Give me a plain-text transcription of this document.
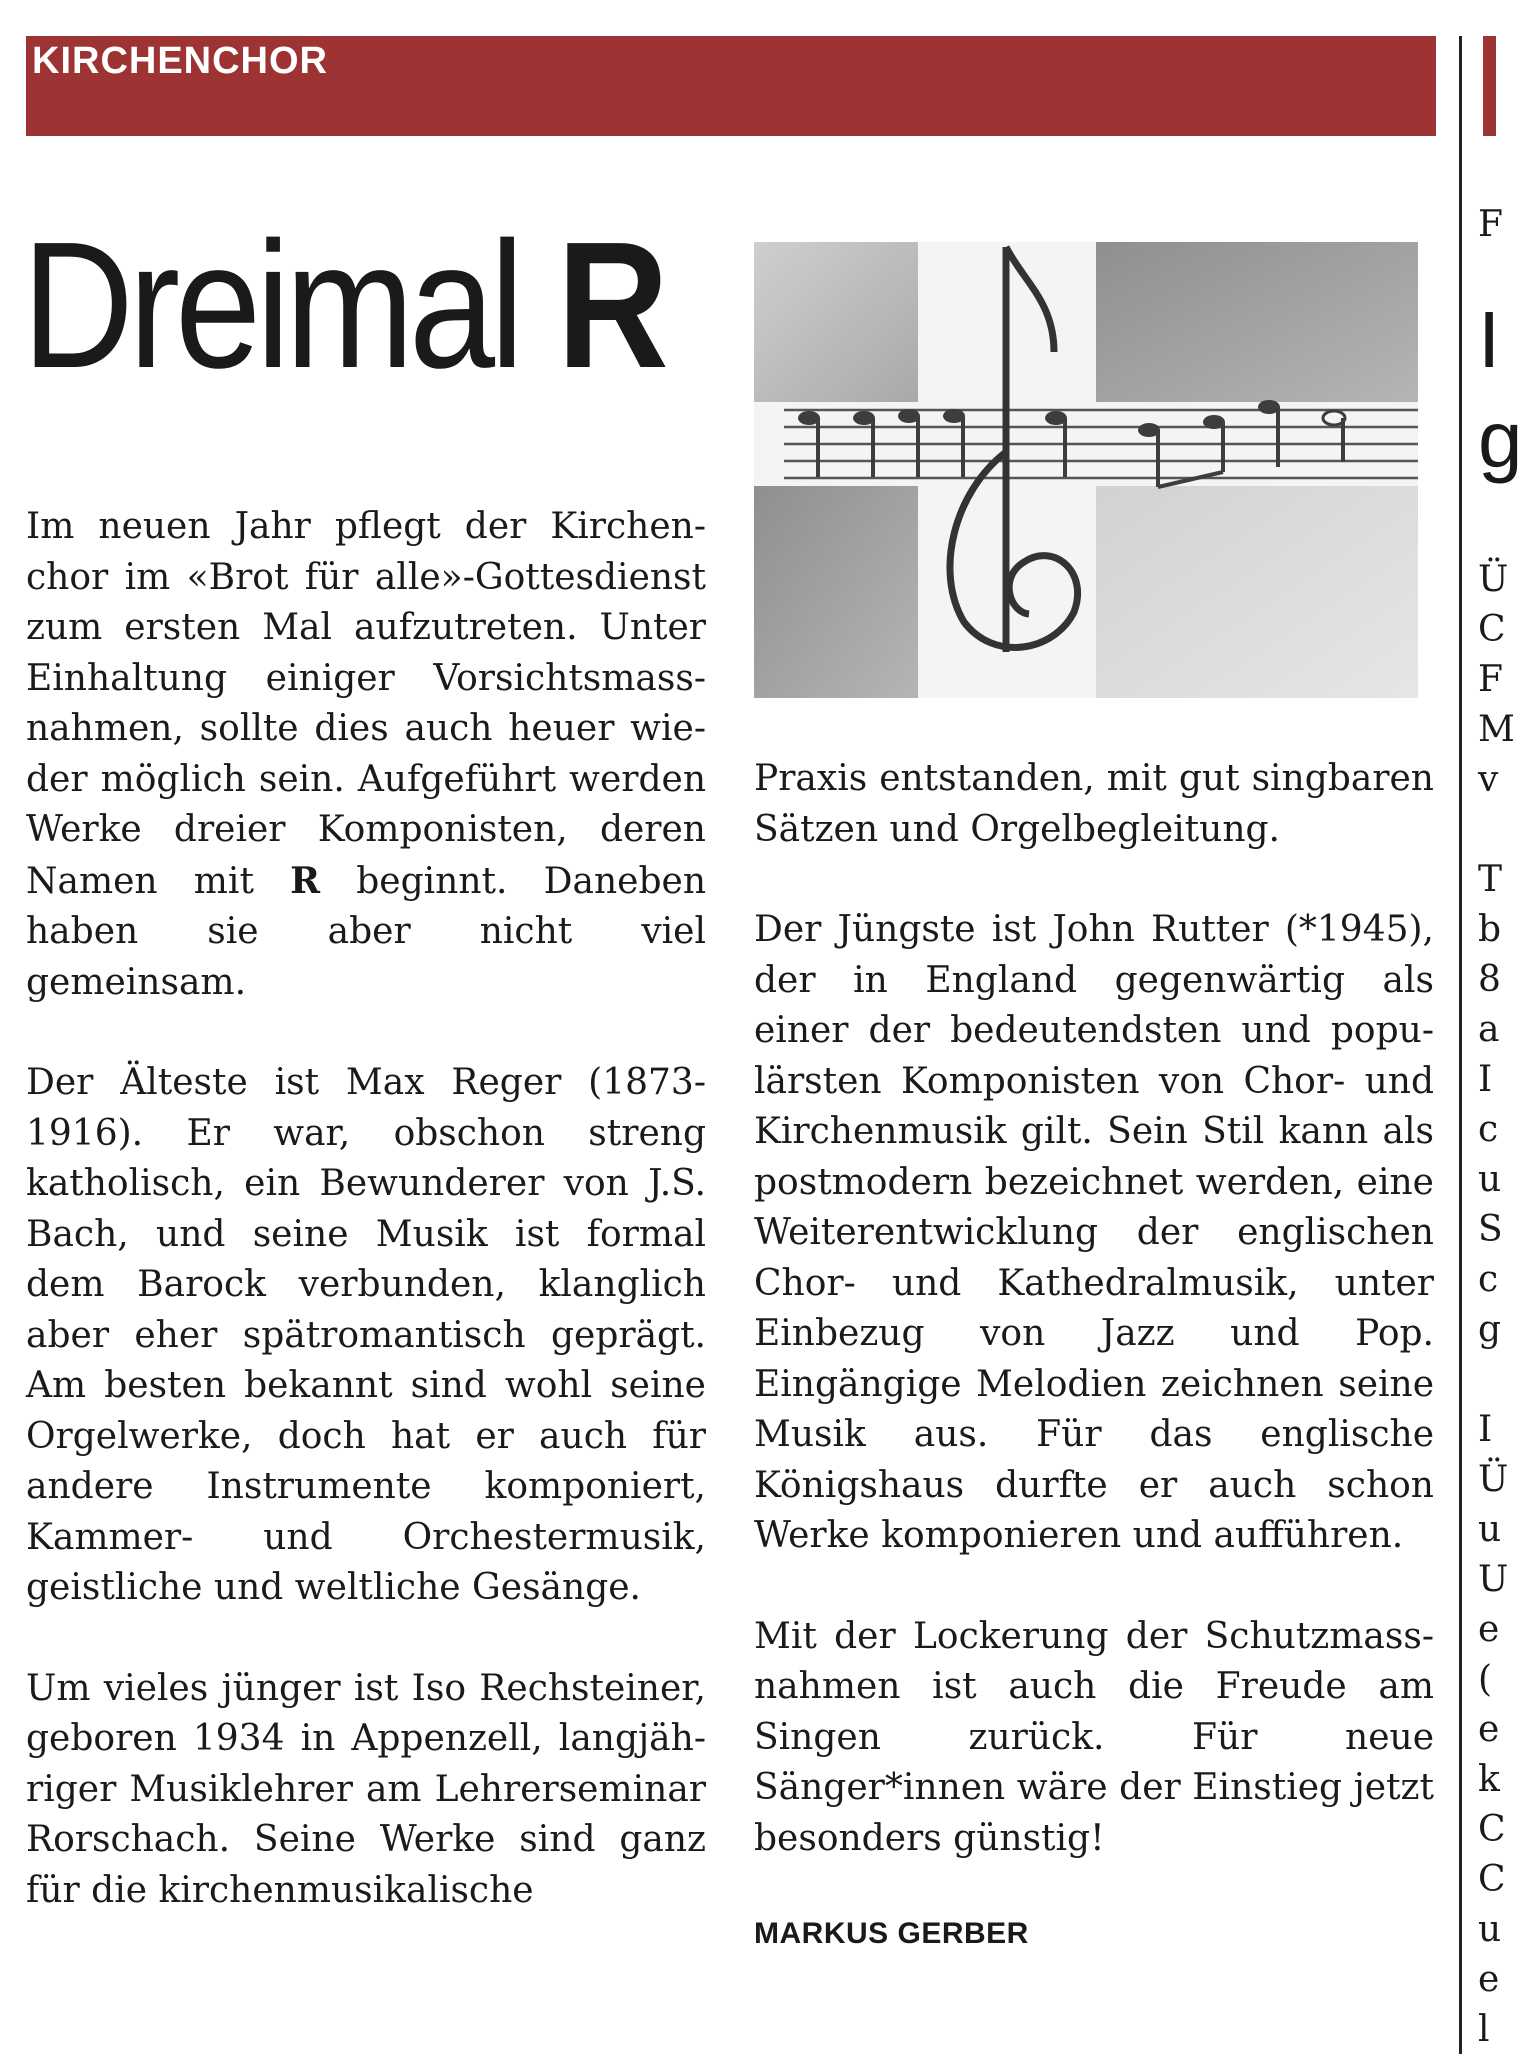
KIRCHENCHOR
Dreimal R

Im neuen Jahr pflegt der Kirchenchor im «Brot für alle»-Gottesdienst zum ersten Mal aufzutreten. Unter Einhaltung einiger Vorsichtsmassnahmen, sollte dies auch heuer wieder möglich sein. Aufgeführt werden Werke dreier Komponisten, deren Namen mit R beginnt. Daneben haben sie aber nicht viel gemeinsam.

Der Älteste ist Max Reger (1873-1916). Er war, obschon streng katholisch, ein Bewunderer von J.S. Bach, und seine Musik ist formal dem Barock verbunden, klanglich aber eher spätromantisch geprägt. Am besten bekannt sind wohl seine Orgelwerke, doch hat er auch für andere Instrumente komponiert, Kammer- und Orchestermusik, geistliche und weltliche Gesänge.

Um vieles jünger ist Iso Rechsteiner, geboren 1934 in Appenzell, langjähriger Musiklehrer am Lehrerseminar Rorschach. Seine Werke sind ganz für die kirchenmusikalische

Praxis entstanden, mit gut singbaren Sätzen und Orgelbegleitung.

Der Jüngste ist John Rutter (*1945), der in England gegenwärtig als einer der bedeutendsten und populärsten Komponisten von Chor- und Kirchenmusik gilt. Sein Stil kann als postmodern bezeichnet werden, eine Weiterentwicklung der englischen Chor- und Kathedralmusik, unter Einbezug von Jazz und Pop. Eingängige Melodien zeichnen seine Musik aus. Für das englische Königshaus durfte er auch schon Werke komponieren und aufführen.

Mit der Lockerung der Schutzmassnahmen ist auch die Freude am Singen zurück. Für neue Sänger*innen wäre der Einstieg jetzt besonders günstig!

MARKUS GERBER
I
g
F
Ü
C
F
M
v
T
b
8
a
I
c
u
S
c
g
I
Ü
u
U
e
(
e
k
C
C
u
e
l
